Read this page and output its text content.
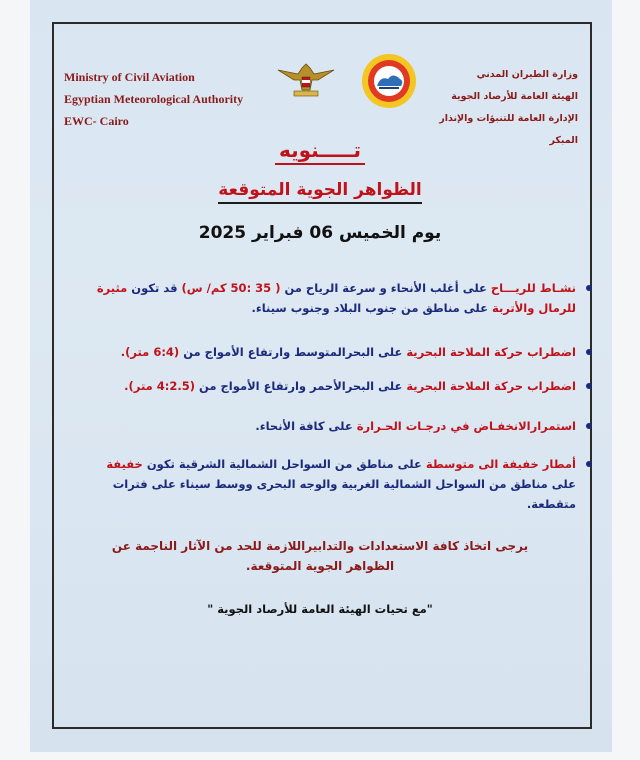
Ministry of Civil Aviation
Egyptian Meteorological Authority
EWC- Cairo
وزارة الطيران المدني
الهيئة العامة للأرصاد الجوية
الإدارة العامة للتنبؤات والإنذار المبكر
تـــــنويه
الظواهر الجوية المتوقعة
يوم الخميس 06 فبراير 2025
نشـاط للريـــاح على أغلب الأنحاء و سرعة الرياح من ( 35 :50 كم/ س) قد تكون مثيرة للرمال والأتربة على مناطق من جنوب البلاد وجنوب سيناء.
اضطراب حركة الملاحة البحرية على البحرالمتوسط وارتفاع الأمواج من (6:4 متر).
اضطراب حركة الملاحة البحرية على البحرالأحمر وارتفاع الأمواج من (4:2.5 متر).
استمرارالانخفـاض في درجـات الحـرارة على كافة الأنحاء.
أمطار خفيفة الى متوسطة على مناطق من السواحل الشمالية الشرقية تكون خفيفة على مناطق من السواحل الشمالية الغربية والوجه البحرى ووسط سيناء على فترات متقطعة.
يرجى اتخاذ كافة الاستعدادات والتدابيراللازمة للحد من الآثار الناجمة عن
الظواهر الجوية المتوقعة.
"مع تحيات الهيئة العامة للأرصاد الجوية "
